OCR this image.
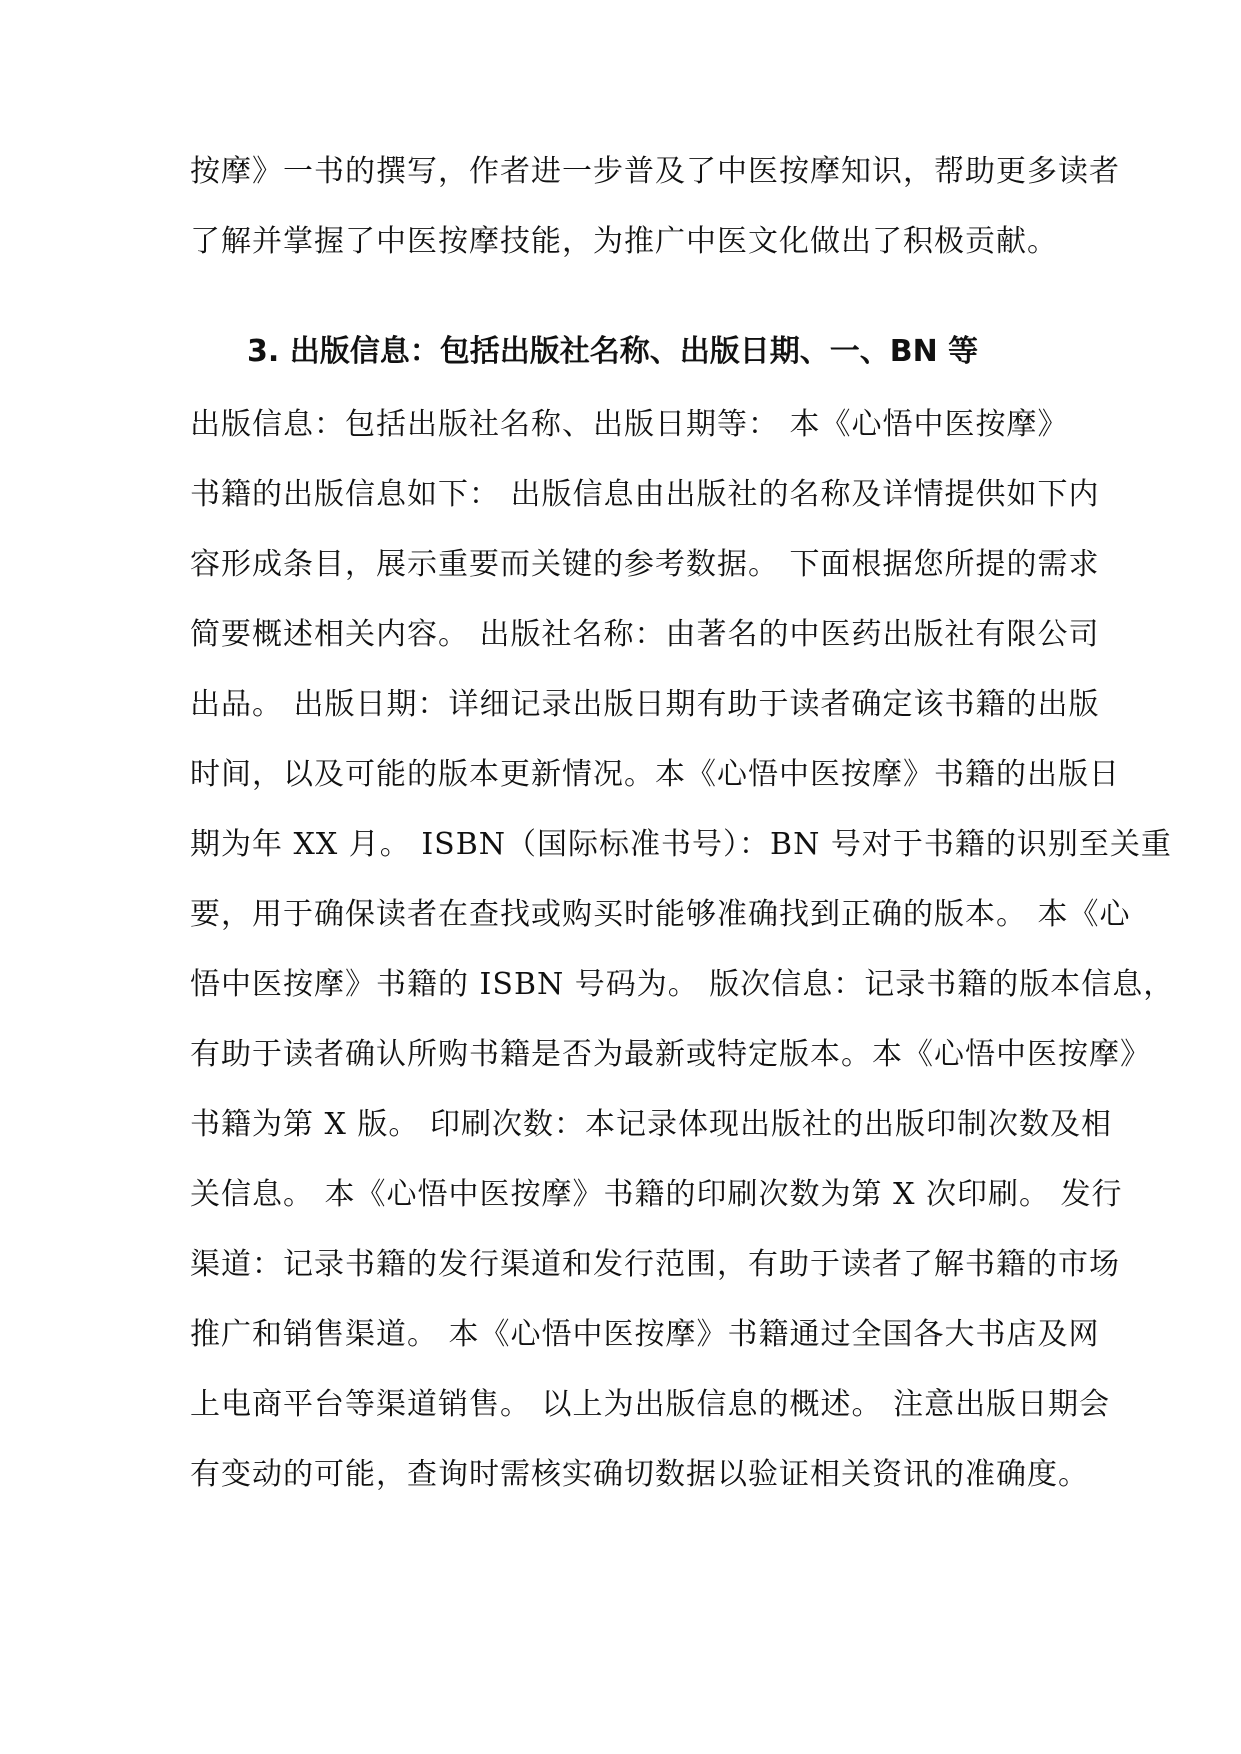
按摩》一书的撰写，作者进一步普及了中医按摩知识，帮助更多读者
了解并掌握了中医按摩技能，为推广中医文化做出了积极贡献。
3. 出版信息：包括出版社名称、出版日期、一、BN 等
出版信息：包括出版社名称、出版日期等： 本《心悟中医按摩》
书籍的出版信息如下： 出版信息由出版社的名称及详情提供如下内
容形成条目，展示重要而关键的参考数据。 下面根据您所提的需求
简要概述相关内容。 出版社名称：由著名的中医药出版社有限公司
出品。 出版日期：详细记录出版日期有助于读者确定该书籍的出版
时间，以及可能的版本更新情况。本《心悟中医按摩》书籍的出版日
期为年 XX 月。 ISBN（国际标准书号）：BN 号对于书籍的识别至关重
要，用于确保读者在查找或购买时能够准确找到正确的版本。 本《心
悟中医按摩》书籍的 ISBN 号码为。 版次信息：记录书籍的版本信息，
有助于读者确认所购书籍是否为最新或特定版本。本《心悟中医按摩》
书籍为第 X 版。 印刷次数：本记录体现出版社的出版印制次数及相
关信息。 本《心悟中医按摩》书籍的印刷次数为第 X 次印刷。 发行
渠道：记录书籍的发行渠道和发行范围，有助于读者了解书籍的市场
推广和销售渠道。 本《心悟中医按摩》书籍通过全国各大书店及网
上电商平台等渠道销售。 以上为出版信息的概述。 注意出版日期会
有变动的可能，查询时需核实确切数据以验证相关资讯的准确度。
